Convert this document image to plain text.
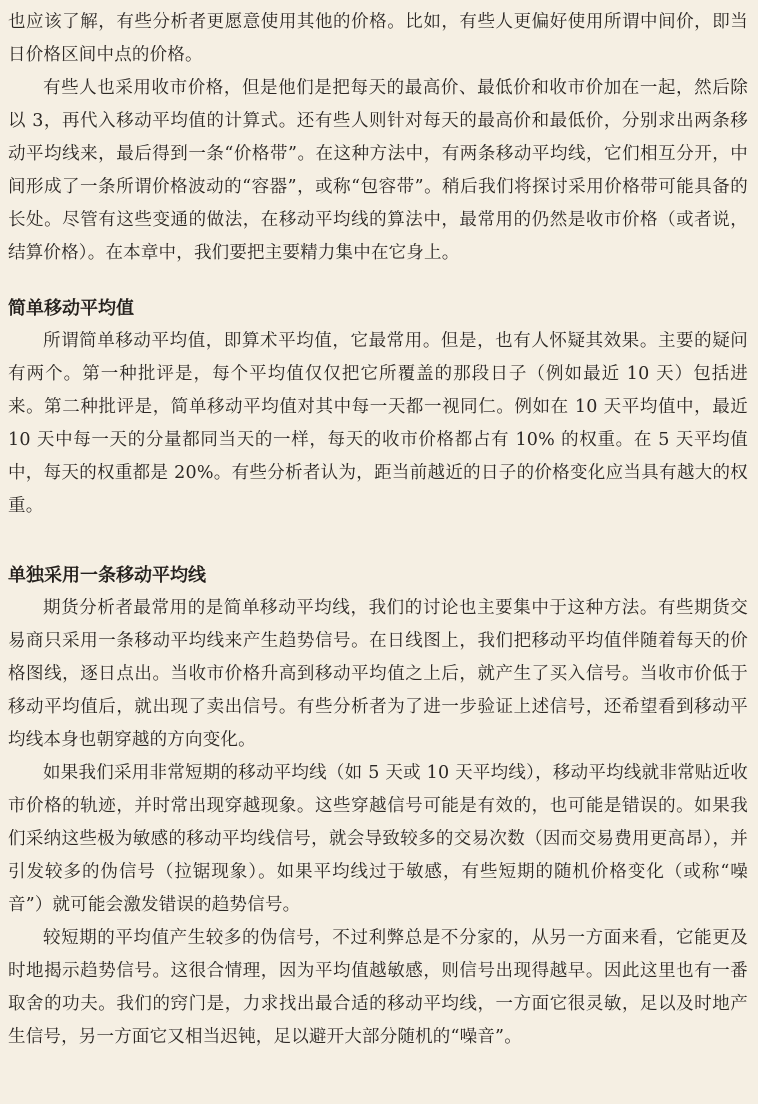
也应该了解，有些分析者更愿意使用其他的价格。比如，有些人更偏好使用所谓中间价，即当日价格区间中点的价格。

有些人也采用收市价格，但是他们是把每天的最高价、最低价和收市价加在一起，然后除以 3，再代入移动平均值的计算式。还有些人则针对每天的最高价和最低价，分别求出两条移动平均线来，最后得到一条“价格带”。在这种方法中，有两条移动平均线，它们相互分开，中间形成了一条所谓价格波动的“容器”，或称“包容带”。稍后我们将探讨采用价格带可能具备的长处。尽管有这些变通的做法，在移动平均线的算法中，最常用的仍然是收市价格（或者说，结算价格）。在本章中，我们要把主要精力集中在它身上。

简单移动平均值

所谓简单移动平均值，即算术平均值，它最常用。但是，也有人怀疑其效果。主要的疑问有两个。第一种批评是，每个平均值仅仅把它所覆盖的那段日子（例如最近 10 天）包括进来。第二种批评是，简单移动平均值对其中每一天都一视同仁。例如在 10 天平均值中，最近 10 天中每一天的分量都同当天的一样，每天的收市价格都占有 10% 的权重。在 5 天平均值中，每天的权重都是 20%。有些分析者认为，距当前越近的日子的价格变化应当具有越大的权重。

单独采用一条移动平均线

期货分析者最常用的是简单移动平均线，我们的讨论也主要集中于这种方法。有些期货交易商只采用一条移动平均线来产生趋势信号。在日线图上，我们把移动平均值伴随着每天的价格图线，逐日点出。当收市价格升高到移动平均值之上后，就产生了买入信号。当收市价低于移动平均值后，就出现了卖出信号。有些分析者为了进一步验证上述信号，还希望看到移动平均线本身也朝穿越的方向变化。

如果我们采用非常短期的移动平均线（如 5 天或 10 天平均线），移动平均线就非常贴近收市价格的轨迹，并时常出现穿越现象。这些穿越信号可能是有效的，也可能是错误的。如果我们采纳这些极为敏感的移动平均线信号，就会导致较多的交易次数（因而交易费用更高昂），并引发较多的伪信号（拉锯现象）。如果平均线过于敏感，有些短期的随机价格变化（或称“噪音”）就可能会激发错误的趋势信号。

较短期的平均值产生较多的伪信号，不过利弊总是不分家的，从另一方面来看，它能更及时地揭示趋势信号。这很合情理，因为平均值越敏感，则信号出现得越早。因此这里也有一番取舍的功夫。我们的窍门是，力求找出最合适的移动平均线，一方面它很灵敏，足以及时地产生信号，另一方面它又相当迟钝，足以避开大部分随机的“噪音”。
